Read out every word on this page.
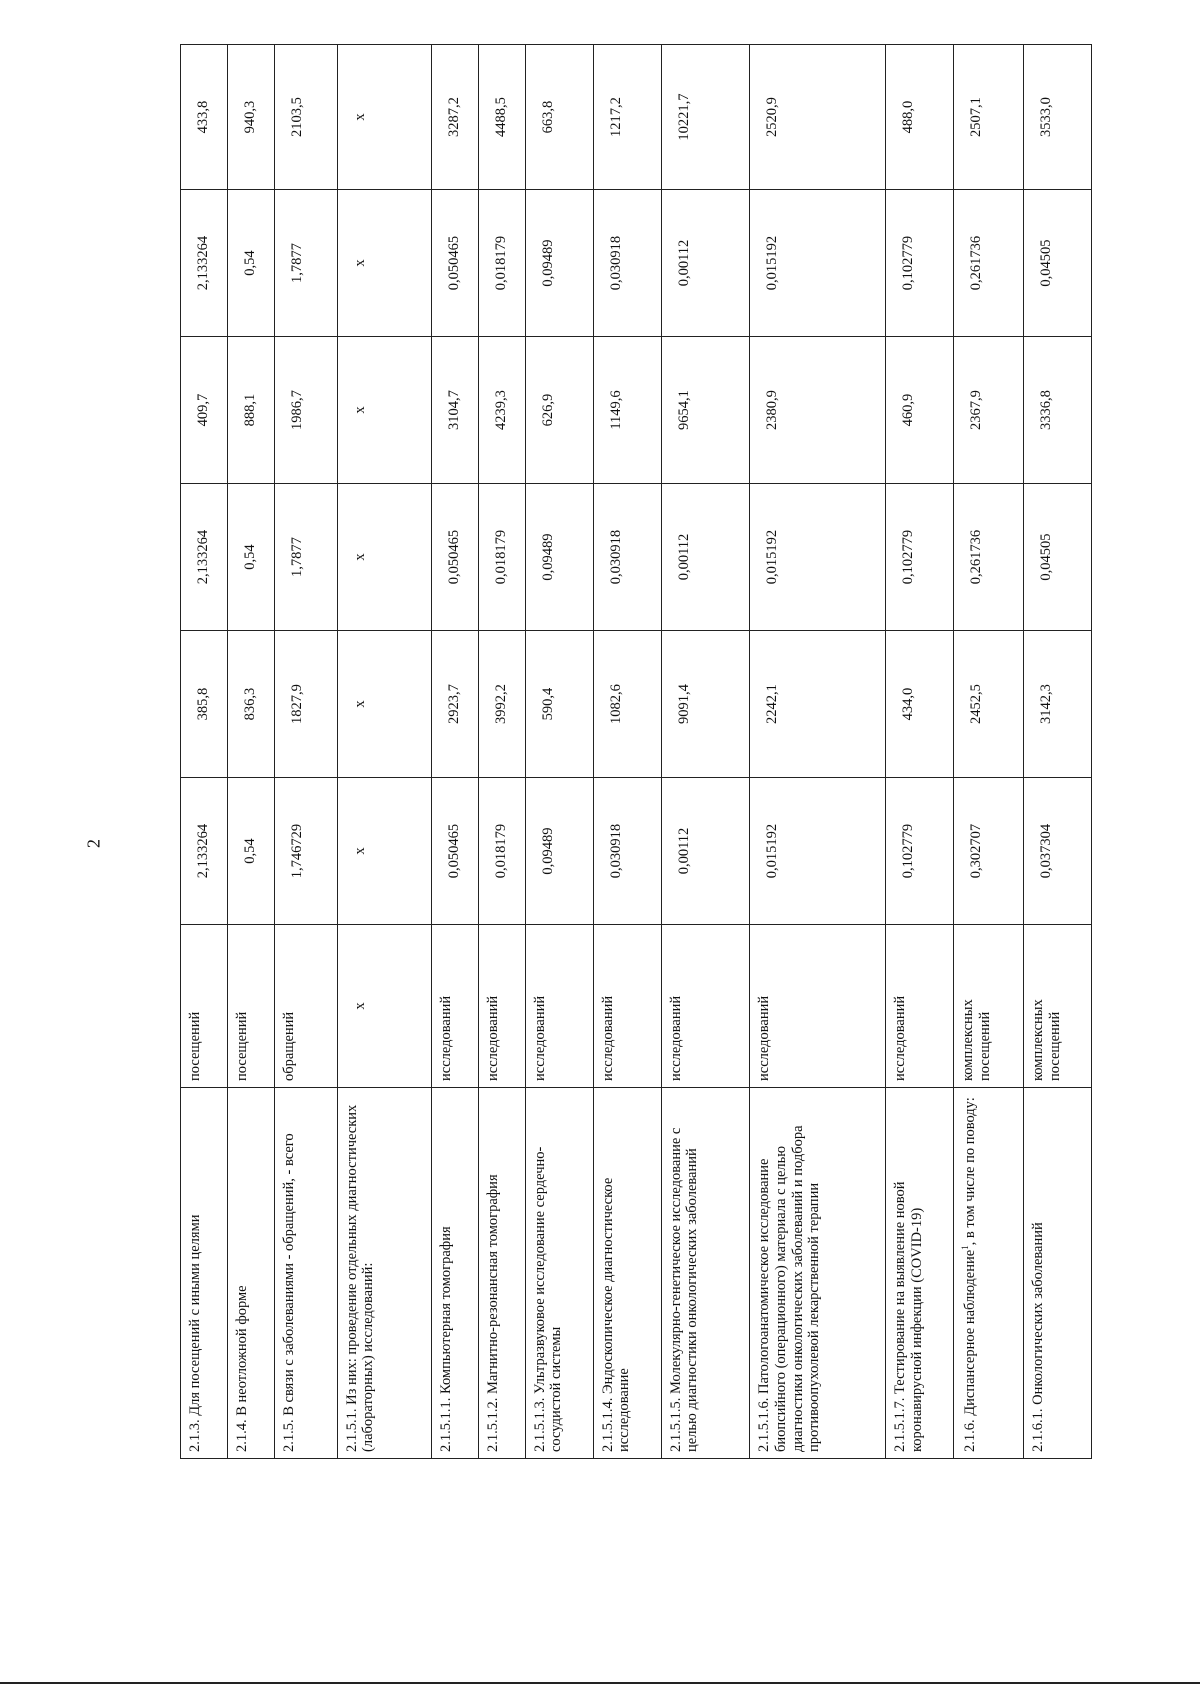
2
2.1.3. Для посещений с иными целями	посещений	2,133264	385,8	2,133264	409,7	2,133264	433,8
2.1.4. В неотложной форме	посещений	0,54	836,3	0,54	888,1	0,54	940,3
2.1.5. В связи с заболеваниями - обращений, - всего	обращений	1,746729	1827,9	1,7877	1986,7	1,7877	2103,5
2.1.5.1. Из них: проведение отдельных диагностических (лабораторных) исследований:	x	x	x	x	x	x	x
2.1.5.1.1. Компьютерная томография	исследований	0,050465	2923,7	0,050465	3104,7	0,050465	3287,2
2.1.5.1.2. Магнитно-резонансная томография	исследований	0,018179	3992,2	0,018179	4239,3	0,018179	4488,5
2.1.5.1.3. Ультразвуковое исследование сердечно-сосудистой системы	исследований	0,09489	590,4	0,09489	626,9	0,09489	663,8
2.1.5.1.4. Эндоскопическое диагностическое исследование	исследований	0,030918	1082,6	0,030918	1149,6	0,030918	1217,2
2.1.5.1.5. Молекулярно-генетическое исследование с целью диагностики онкологических заболеваний	исследований	0,00112	9091,4	0,00112	9654,1	0,00112	10221,7
2.1.5.1.6. Патологоанатомическое исследование биопсийного (операционного) материала с целью диагностики онкологических заболеваний и подбора противоопухолевой лекарственной терапии	исследований	0,015192	2242,1	0,015192	2380,9	0,015192	2520,9
2.1.5.1.7. Тестирование на выявление новой коронавирусной инфекции (COVID-19)	исследований	0,102779	434,0	0,102779	460,9	0,102779	488,0
2.1.6. Диспансерное наблюдение$^1$, в том числе по поводу:	комплексных посещений	0,302707	2452,5	0,261736	2367,9	0,261736	2507,1
2.1.6.1. Онкологических заболеваний	комплексных посещений	0,037304	3142,3	0,04505	3336,8	0,04505	3533,0
